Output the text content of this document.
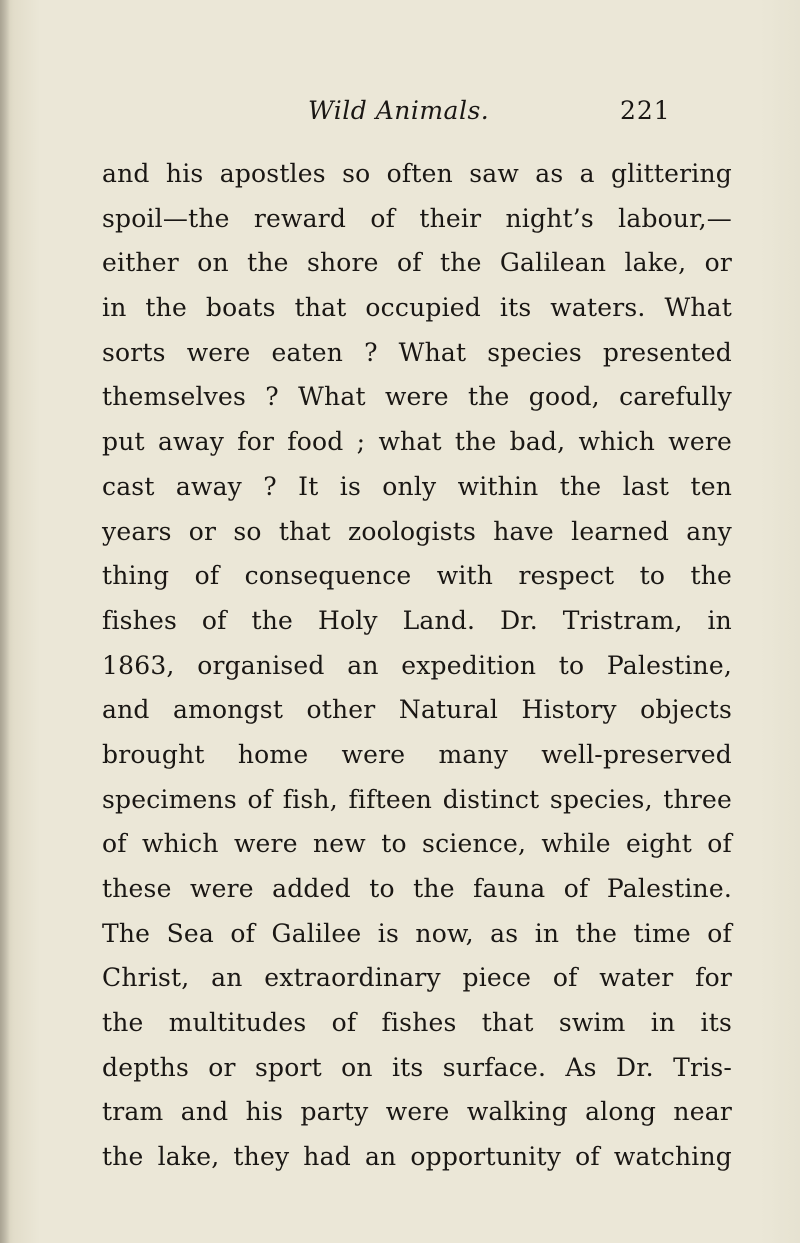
Wild Animals.	221
and his apostles so often saw as a glittering
spoil—the reward of their night’s labour,—
either on the shore of the Galilean lake, or
in the boats that occupied its waters. What
sorts were eaten ? What species presented
themselves ? What were the good, carefully
put away for food ; what the bad, which were
cast away ? It is only within the last ten
years or so that zoologists have learned any
thing of consequence with respect to the
fishes of the Holy Land. Dr. Tristram, in
1863, organised an expedition to Palestine,
and amongst other Natural History objects
brought home were many well-preserved
specimens of fish, fifteen distinct species, three
of which were new to science, while eight of
these were added to the fauna of Palestine.
The Sea of Galilee is now, as in the time of
Christ, an extraordinary piece of water for
the multitudes of fishes that swim in its
depths or sport on its surface. As Dr. Tris-
tram and his party were walking along near
the lake, they had an opportunity of watching
